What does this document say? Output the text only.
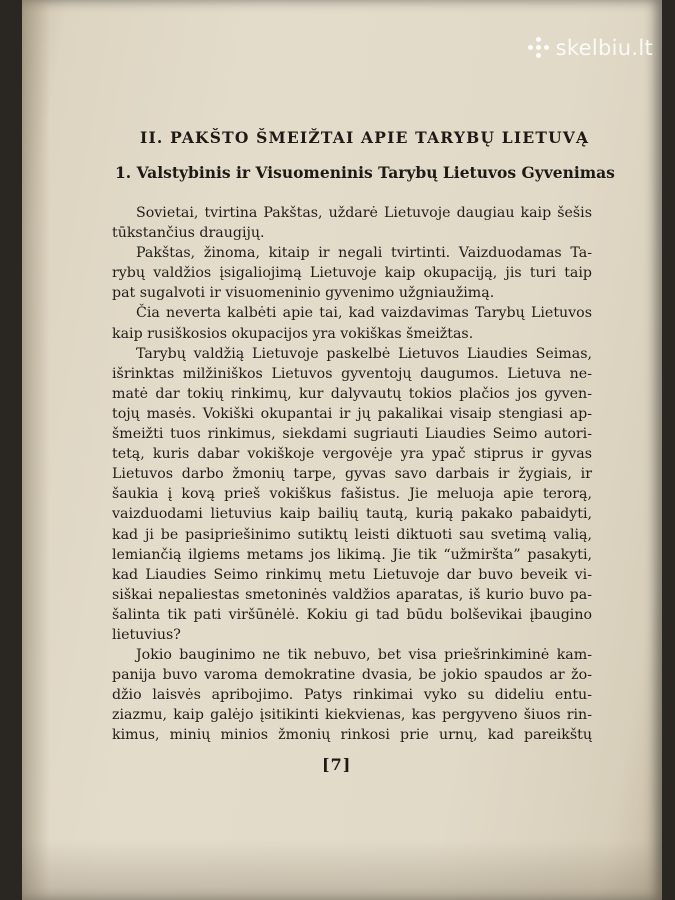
II. PAKŠTO ŠMEIŽTAI APIE TARYBŲ LIETUVĄ
1. Valstybinis ir Visuomeninis Tarybų Lietuvos Gyvenimas
Sovietai, tvirtina Pakštas, uždarė Lietuvoje daugiau kaip šešis
tūkstančius draugijų.
Pakštas, žinoma, kitaip ir negali tvirtinti. Vaizduodamas Ta-
rybų valdžios įsigaliojimą Lietuvoje kaip okupaciją, jis turi taip
pat sugalvoti ir visuomeninio gyvenimo užgniaužimą.
Čia neverta kalbėti apie tai, kad vaizdavimas Tarybų Lietuvos
kaip rusiškosios okupacijos yra vokiškas šmeižtas.
Tarybų valdžią Lietuvoje paskelbė Lietuvos Liaudies Seimas,
išrinktas milžiniškos Lietuvos gyventojų daugumos. Lietuva ne-
matė dar tokių rinkimų, kur dalyvautų tokios plačios jos gyven-
tojų masės. Vokiški okupantai ir jų pakalikai visaip stengiasi ap-
šmeižti tuos rinkimus, siekdami sugriauti Liaudies Seimo autori-
tetą, kuris dabar vokiškoje vergovėje yra ypač stiprus ir gyvas
Lietuvos darbo žmonių tarpe, gyvas savo darbais ir žygiais, ir
šaukia į kovą prieš vokiškus fašistus. Jie meluoja apie terorą,
vaizduodami lietuvius kaip bailių tautą, kurią pakako pabaidyti,
kad ji be pasipriešinimo sutiktų leisti diktuoti sau svetimą valią,
lemiančią ilgiems metams jos likimą. Jie tik “užmiršta” pasakyti,
kad Liaudies Seimo rinkimų metu Lietuvoje dar buvo beveik vi-
siškai nepaliestas smetoninės valdžios aparatas, iš kurio buvo pa-
šalinta tik pati viršūnėlė. Kokiu gi tad būdu bolševikai įbaugino
lietuvius?
Jokio bauginimo ne tik nebuvo, bet visa priešrinkiminė kam-
panija buvo varoma demokratine dvasia, be jokio spaudos ar žo-
džio laisvės apribojimo. Patys rinkimai vyko su dideliu entu-
ziazmu, kaip galėjo įsitikinti kiekvienas, kas pergyveno šiuos rin-
kimus, minių minios žmonių rinkosi prie urnų, kad pareikštų
[7]
skelbiu.lt
